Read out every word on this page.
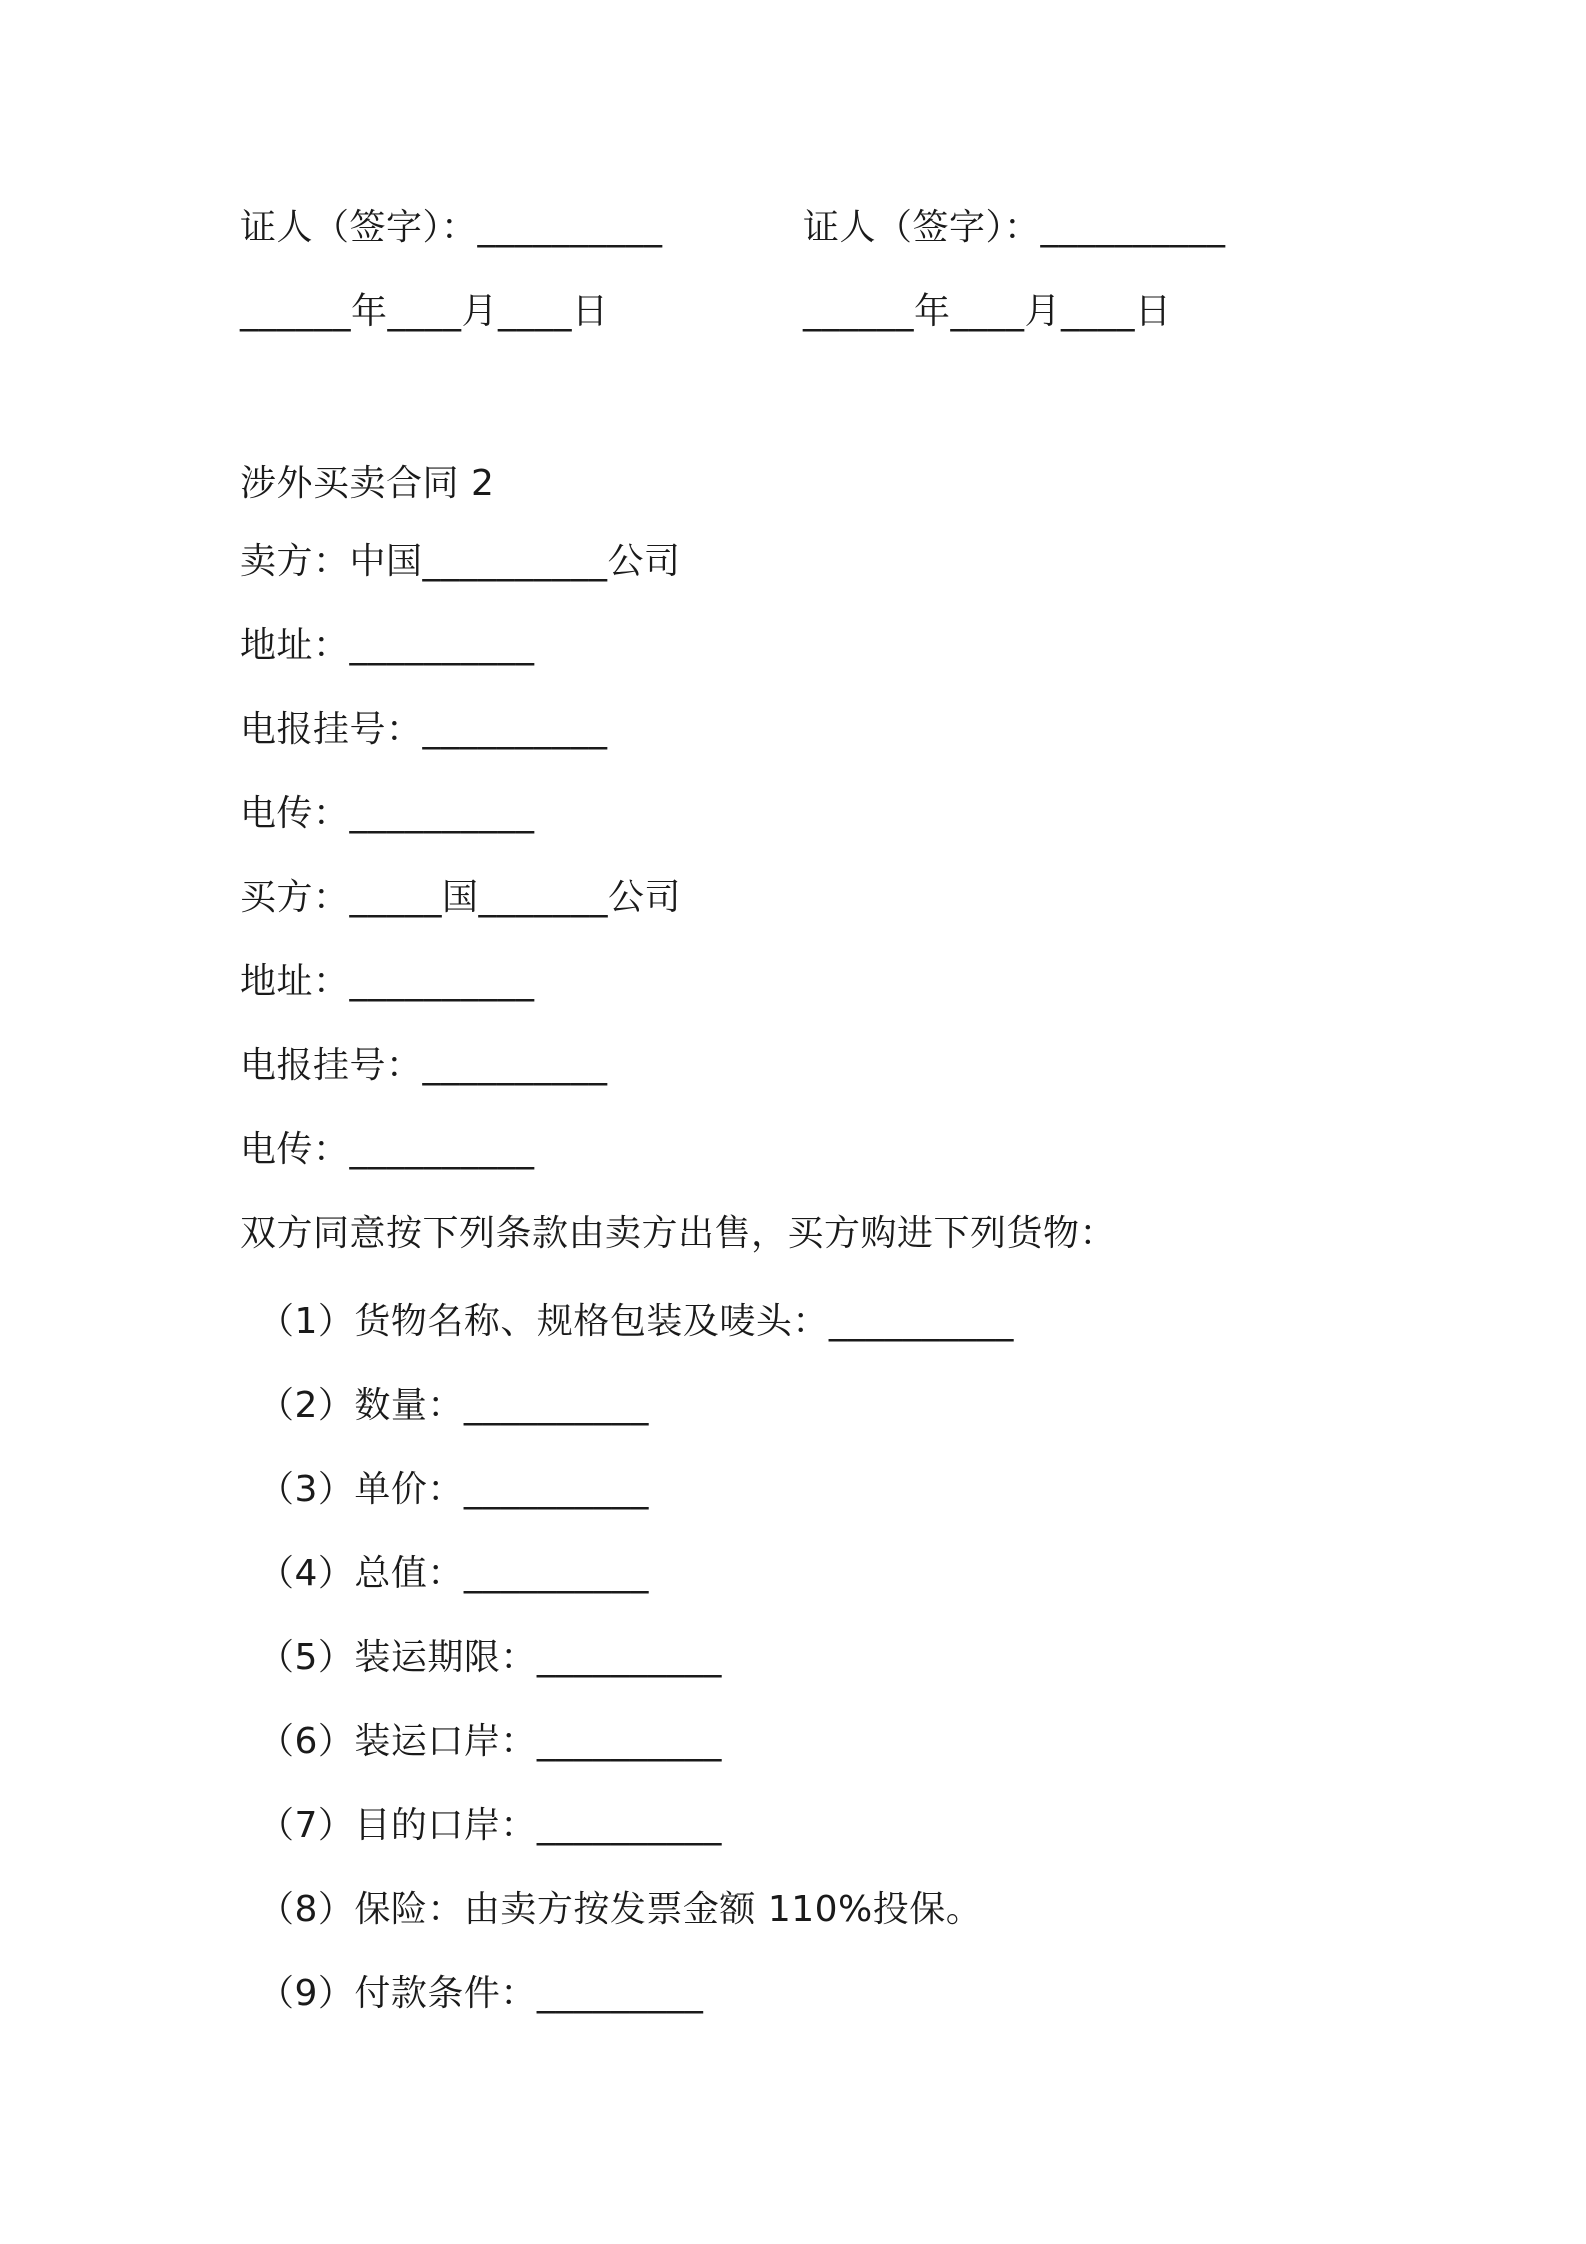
证人（签字）：__________	证人（签字）：__________
______年____月____日	______年____月____日
涉外买卖合同 2
卖方：中国__________公司
地址：__________
电报挂号：__________
电传：__________
买方：_____国_______公司
地址：__________
电报挂号：__________
电传：__________
双方同意按下列条款由卖方出售，买方购进下列货物：
（1）货物名称、规格包装及唛头：__________
（2）数量：__________
（3）单价：__________
（4）总值：__________
（5）装运期限：__________
（6）装运口岸：__________
（7）目的口岸：__________
（8）保险：由卖方按发票金额 110%投保。
（9）付款条件：_________
